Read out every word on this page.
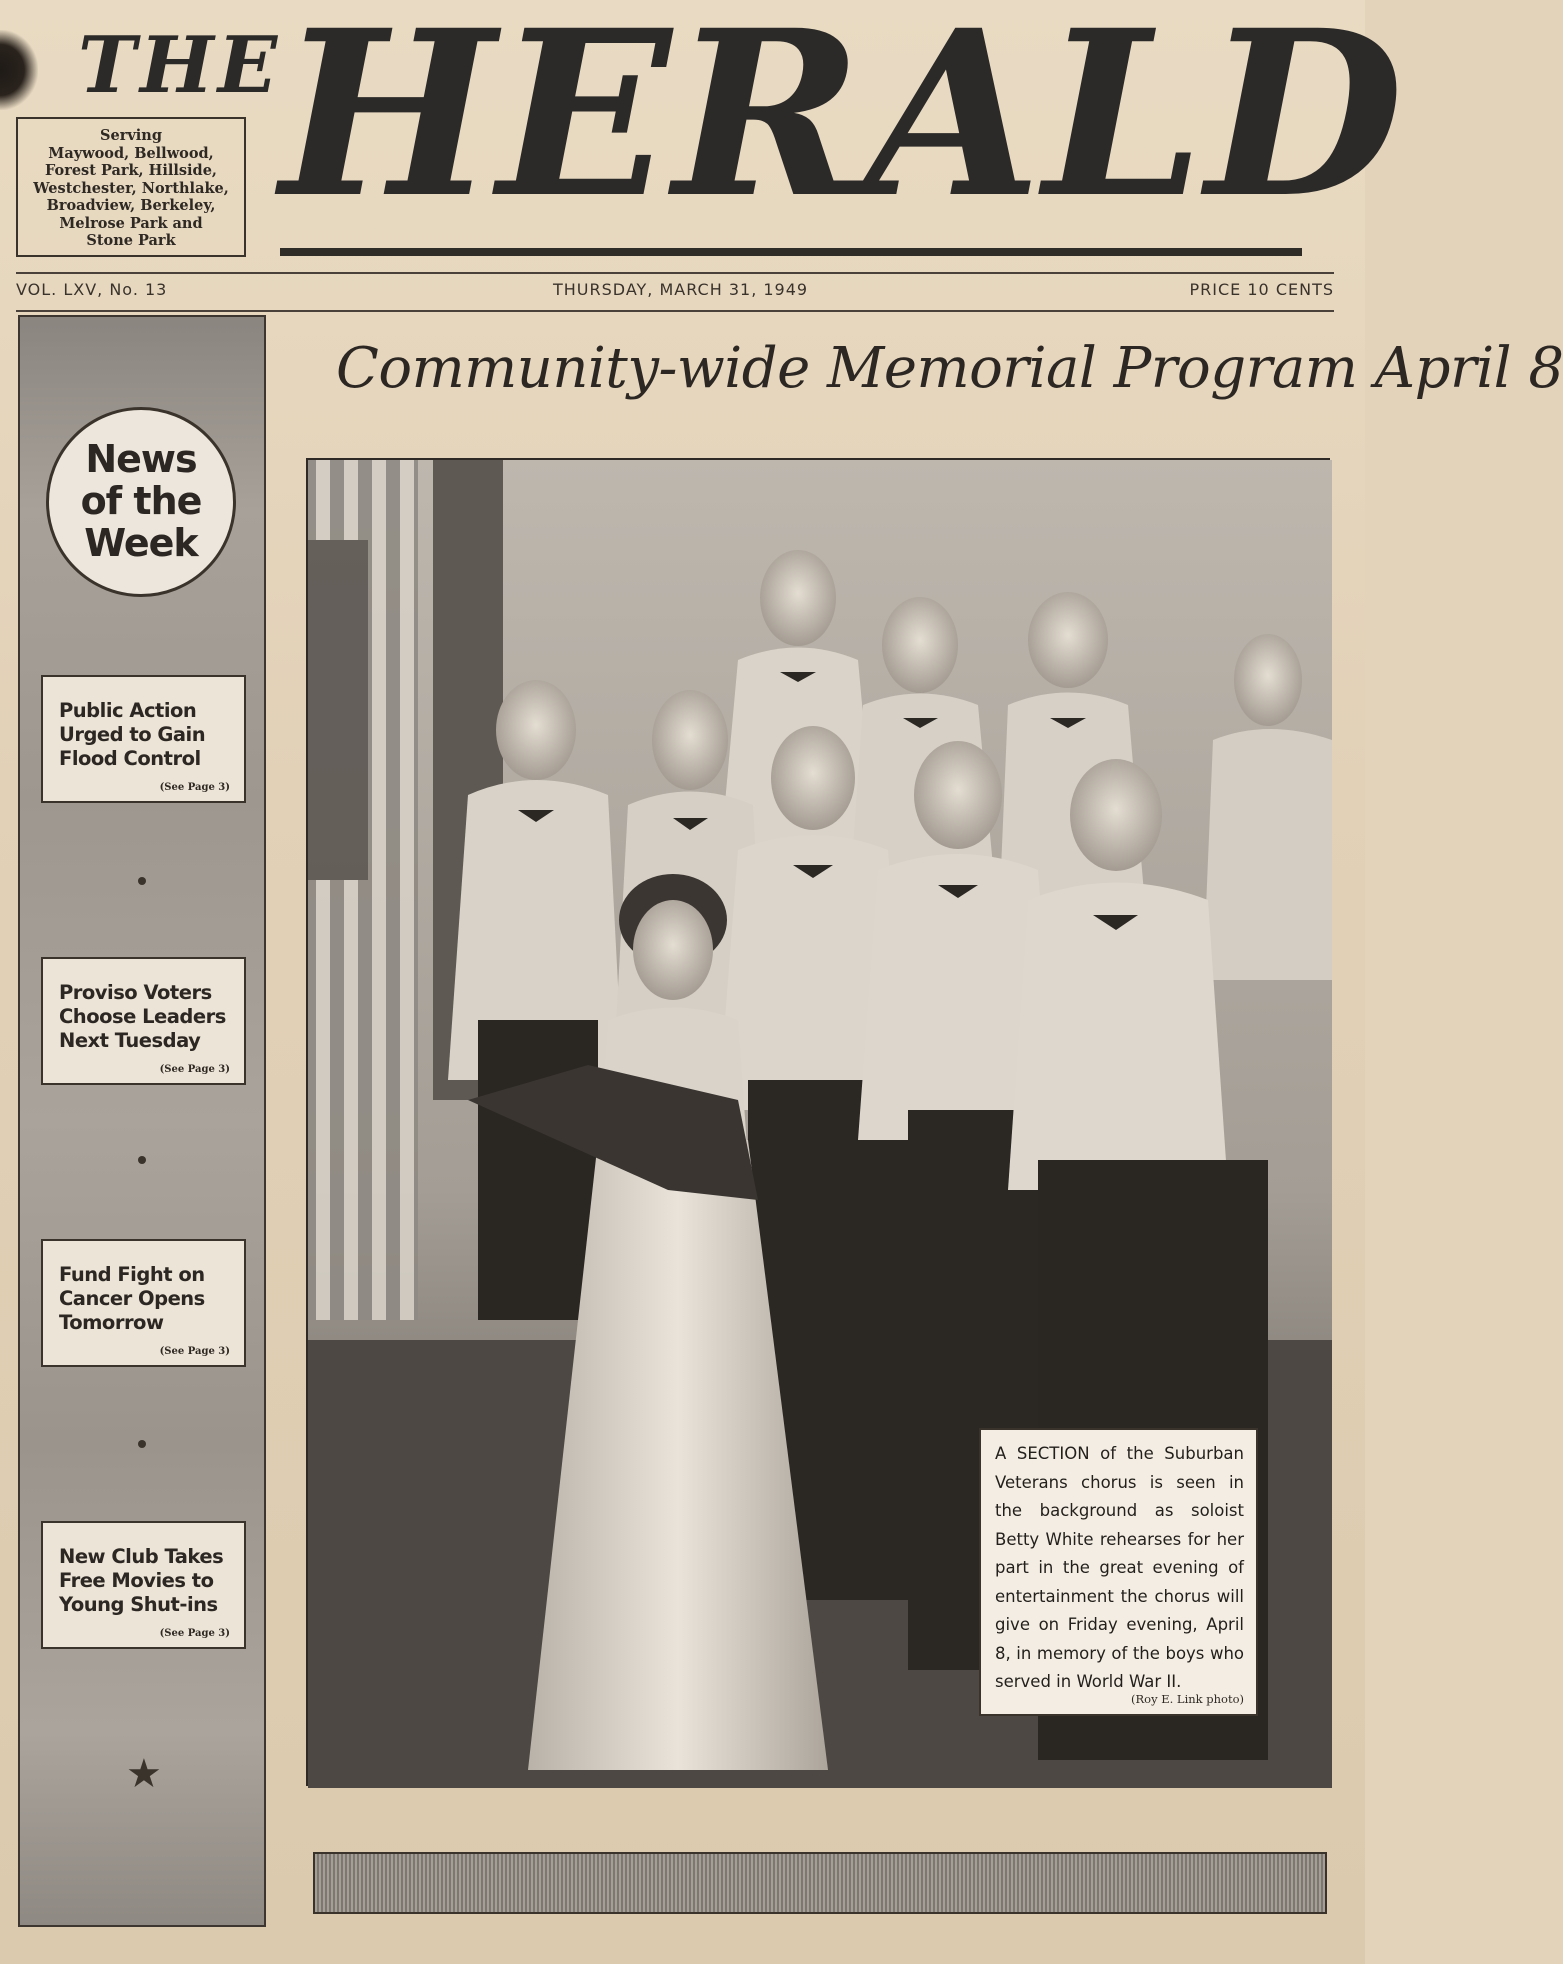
THE
Serving
Maywood, Bellwood,
Forest Park, Hillside,
Westchester, Northlake,
Broadview, Berkeley,
Melrose Park and
Stone Park HERALD
VOL. LXV, No. 13	THURSDAY, MARCH 31, 1949	PRICE 10 CENTS
News
of the
Week
Public Action
Urged to Gain
Flood Control
(See Page 3)
Proviso Voters
Choose Leaders
Next Tuesday
(See Page 3)
Fund Fight on
Cancer Opens
Tomorrow
(See Page 3)
New Club Takes
Free Movies to
Young Shut-ins
(See Page 3)
★
Community-wide Memorial Program April 8

A SECTION of the Suburban Veterans chorus is seen in the background as soloist Betty White rehearses for her part in the great evening of entertainment the chorus will give on Friday evening, April 8, in memory of the boys who served in World War II.

(Roy E. Link photo)
